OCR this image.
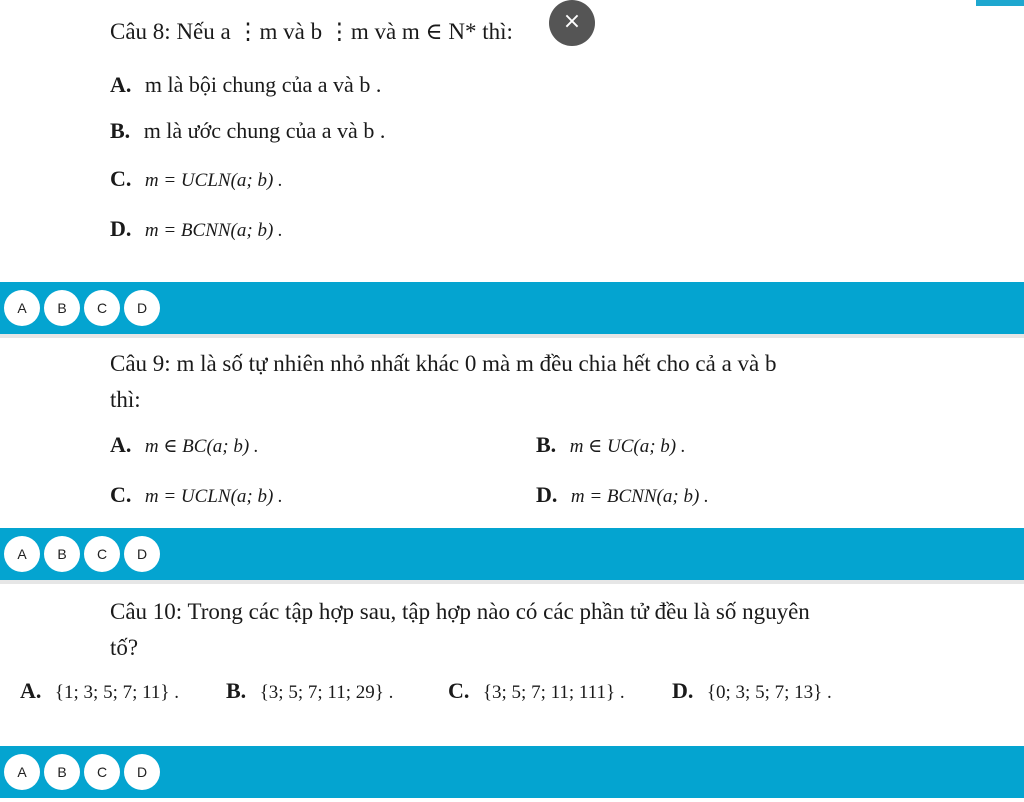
Câu 8: Nếu a ⋮m và b ⋮m và m ∈ N* thì:	×
A. m là bội chung của a và b .
B. m là ước chung của a và b .
C. m = UCLN(a; b) .
D. m = BCNN(a; b) .
A	B	C	D
Câu 9: m là số tự nhiên nhỏ nhất khác 0 mà m đều chia hết cho cả a và b
thì:
A. m ∈ BC(a; b) .	B. m ∈ UC(a; b) .
C. m = UCLN(a; b) .	D. m = BCNN(a; b) .
A	B	C	D
Câu 10: Trong các tập hợp sau, tập hợp nào có các phần tử đều là số nguyên
tố?
A. {1; 3; 5; 7; 11} . B. {3; 5; 7; 11; 29} . C. {3; 5; 7; 11; 111} . D. {0; 3; 5; 7; 13} .
A	B	C	D
